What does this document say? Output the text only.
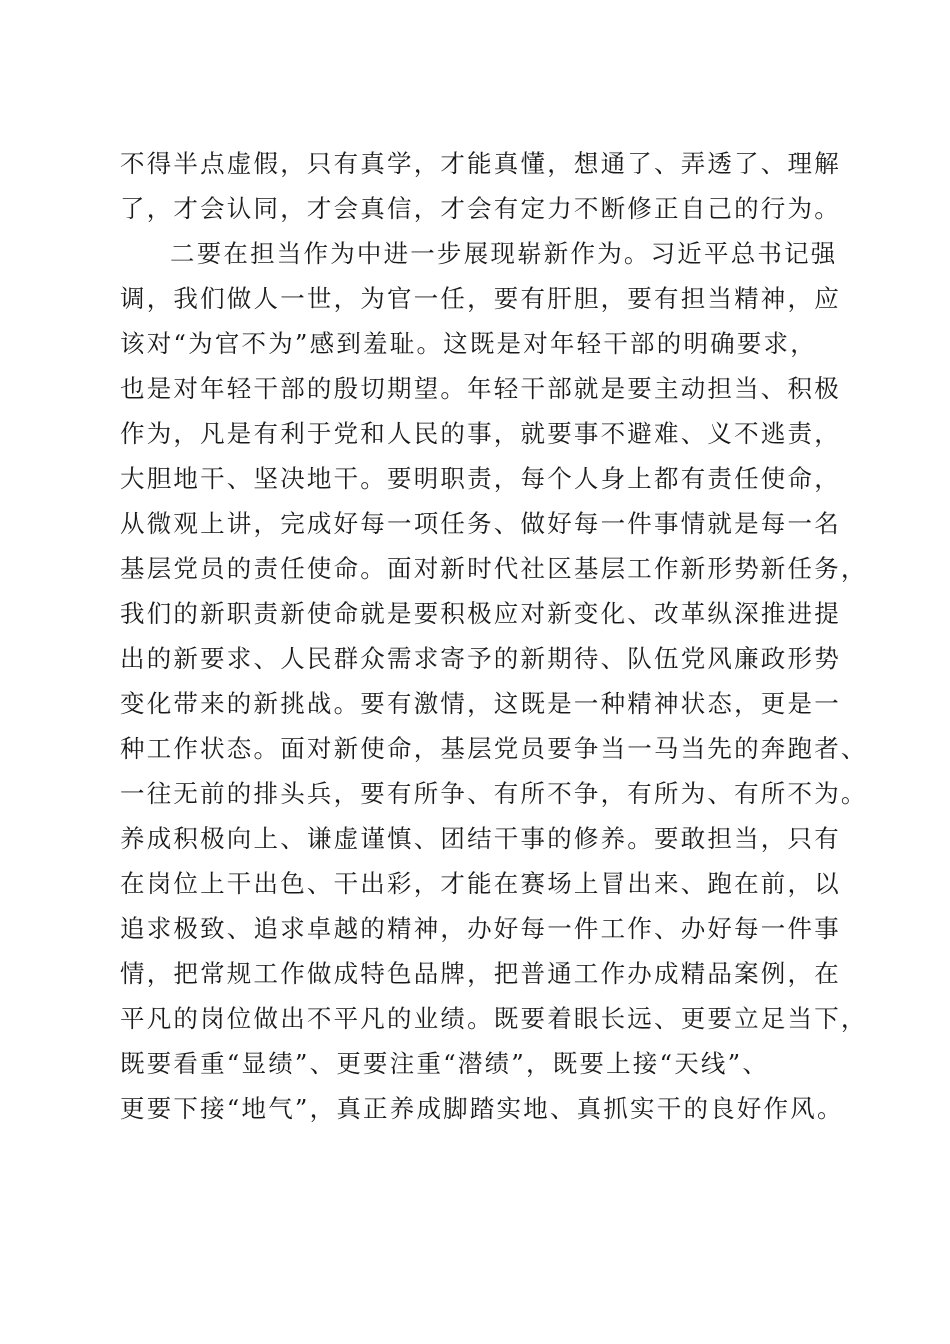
不得半点虚假，只有真学，才能真懂，想通了、弄透了、理解
了，才会认同，才会真信，才会有定力不断修正自己的行为。
二要在担当作为中进一步展现崭新作为。习近平总书记强
调，我们做人一世，为官一任，要有肝胆，要有担当精神，应
该对“为官不为”感到羞耻。这既是对年轻干部的明确要求，
也是对年轻干部的殷切期望。年轻干部就是要主动担当、积极
作为，凡是有利于党和人民的事，就要事不避难、义不逃责，
大胆地干、坚决地干。要明职责，每个人身上都有责任使命，
从微观上讲，完成好每一项任务、做好每一件事情就是每一名
基层党员的责任使命。面对新时代社区基层工作新形势新任务，
我们的新职责新使命就是要积极应对新变化、改革纵深推进提
出的新要求、人民群众需求寄予的新期待、队伍党风廉政形势
变化带来的新挑战。要有激情，这既是一种精神状态，更是一
种工作状态。面对新使命，基层党员要争当一马当先的奔跑者、
一往无前的排头兵，要有所争、有所不争，有所为、有所不为。
养成积极向上、谦虚谨慎、团结干事的修养。要敢担当，只有
在岗位上干出色、干出彩，才能在赛场上冒出来、跑在前，以
追求极致、追求卓越的精神，办好每一件工作、办好每一件事
情，把常规工作做成特色品牌，把普通工作办成精品案例，在
平凡的岗位做出不平凡的业绩。既要着眼长远、更要立足当下，
既要看重“显绩”、更要注重“潜绩”，既要上接“天线”、
更要下接“地气”，真正养成脚踏实地、真抓实干的良好作风。
